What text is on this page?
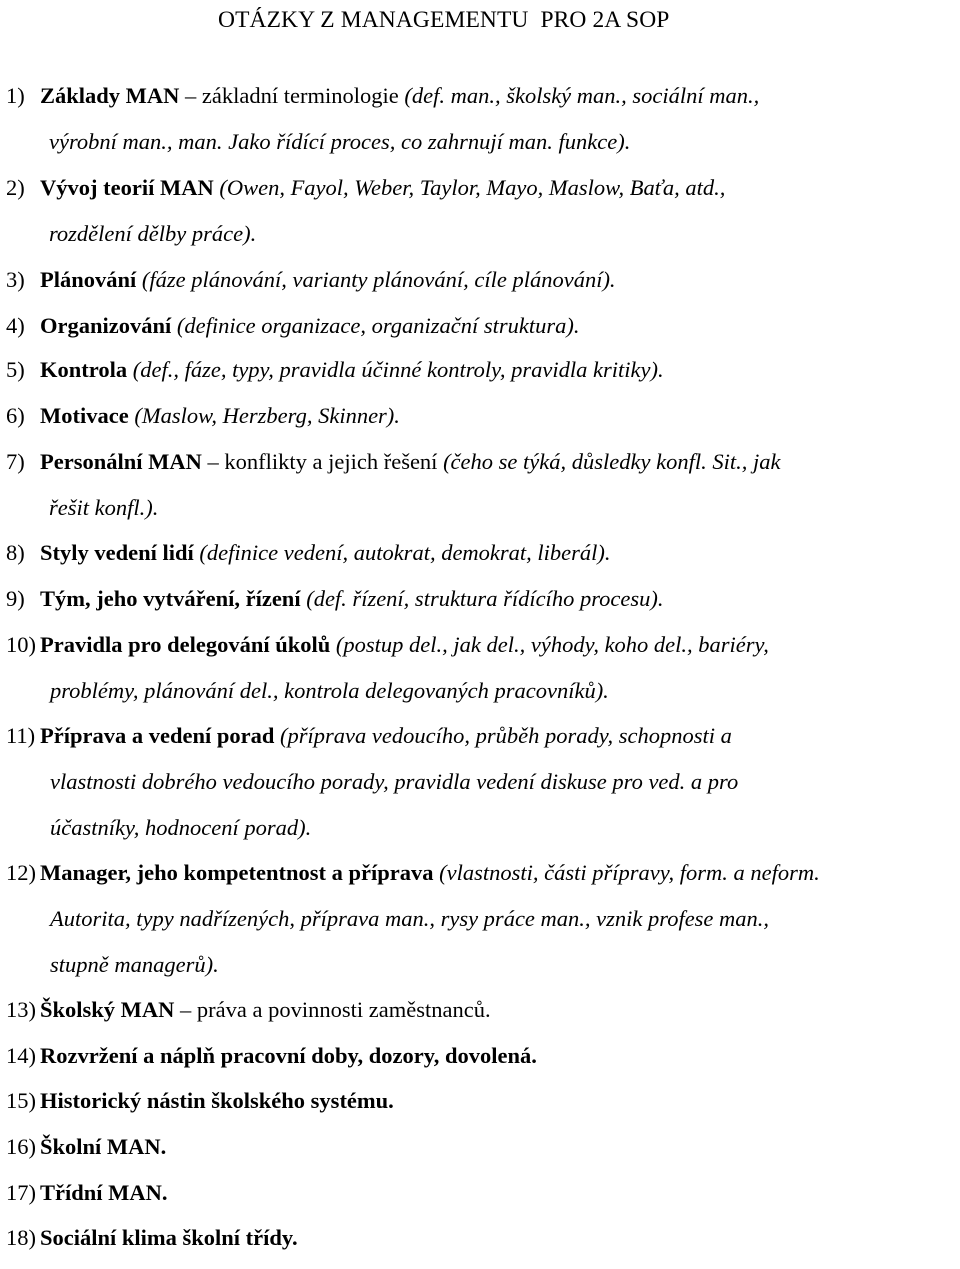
OTÁZKY Z MANAGEMENTU  PRO 2A SOP
1) Základy MAN – základní terminologie (def. man., školský man., sociální man.,
výrobní man., man. Jako řídící proces, co zahrnují man. funkce).
2) Vývoj teorií MAN (Owen, Fayol, Weber, Taylor, Mayo, Maslow, Baťa, atd.,
rozdělení dělby práce).
3) Plánování (fáze plánování, varianty plánování, cíle plánování).
4) Organizování (definice organizace, organizační struktura).
5) Kontrola (def., fáze, typy, pravidla účinné kontroly, pravidla kritiky).
6) Motivace (Maslow, Herzberg, Skinner).
7) Personální MAN – konflikty a jejich řešení (čeho se týká, důsledky konfl. Sit., jak
řešit konfl.).
8) Styly vedení lidí (definice vedení, autokrat, demokrat, liberál).
9) Tým, jeho vytváření, řízení (def. řízení, struktura řídícího procesu).
10) Pravidla pro delegování úkolů (postup del., jak del., výhody, koho del., bariéry,
problémy, plánování del., kontrola delegovaných pracovníků).
11) Příprava a vedení porad (příprava vedoucího, průběh porady, schopnosti a
vlastnosti dobrého vedoucího porady, pravidla vedení diskuse pro ved. a pro
účastníky, hodnocení porad).
12) Manager, jeho kompetentnost a příprava (vlastnosti, části přípravy, form. a neform.
Autorita, typy nadřízených, příprava man., rysy práce man., vznik profese man.,
stupně managerů).
13) Školský MAN – práva a povinnosti zaměstnanců.
14) Rozvržení a náplň pracovní doby, dozory, dovolená.
15) Historický nástin školského systému.
16) Školní MAN.
17) Třídní MAN.
18) Sociální klima školní třídy.
